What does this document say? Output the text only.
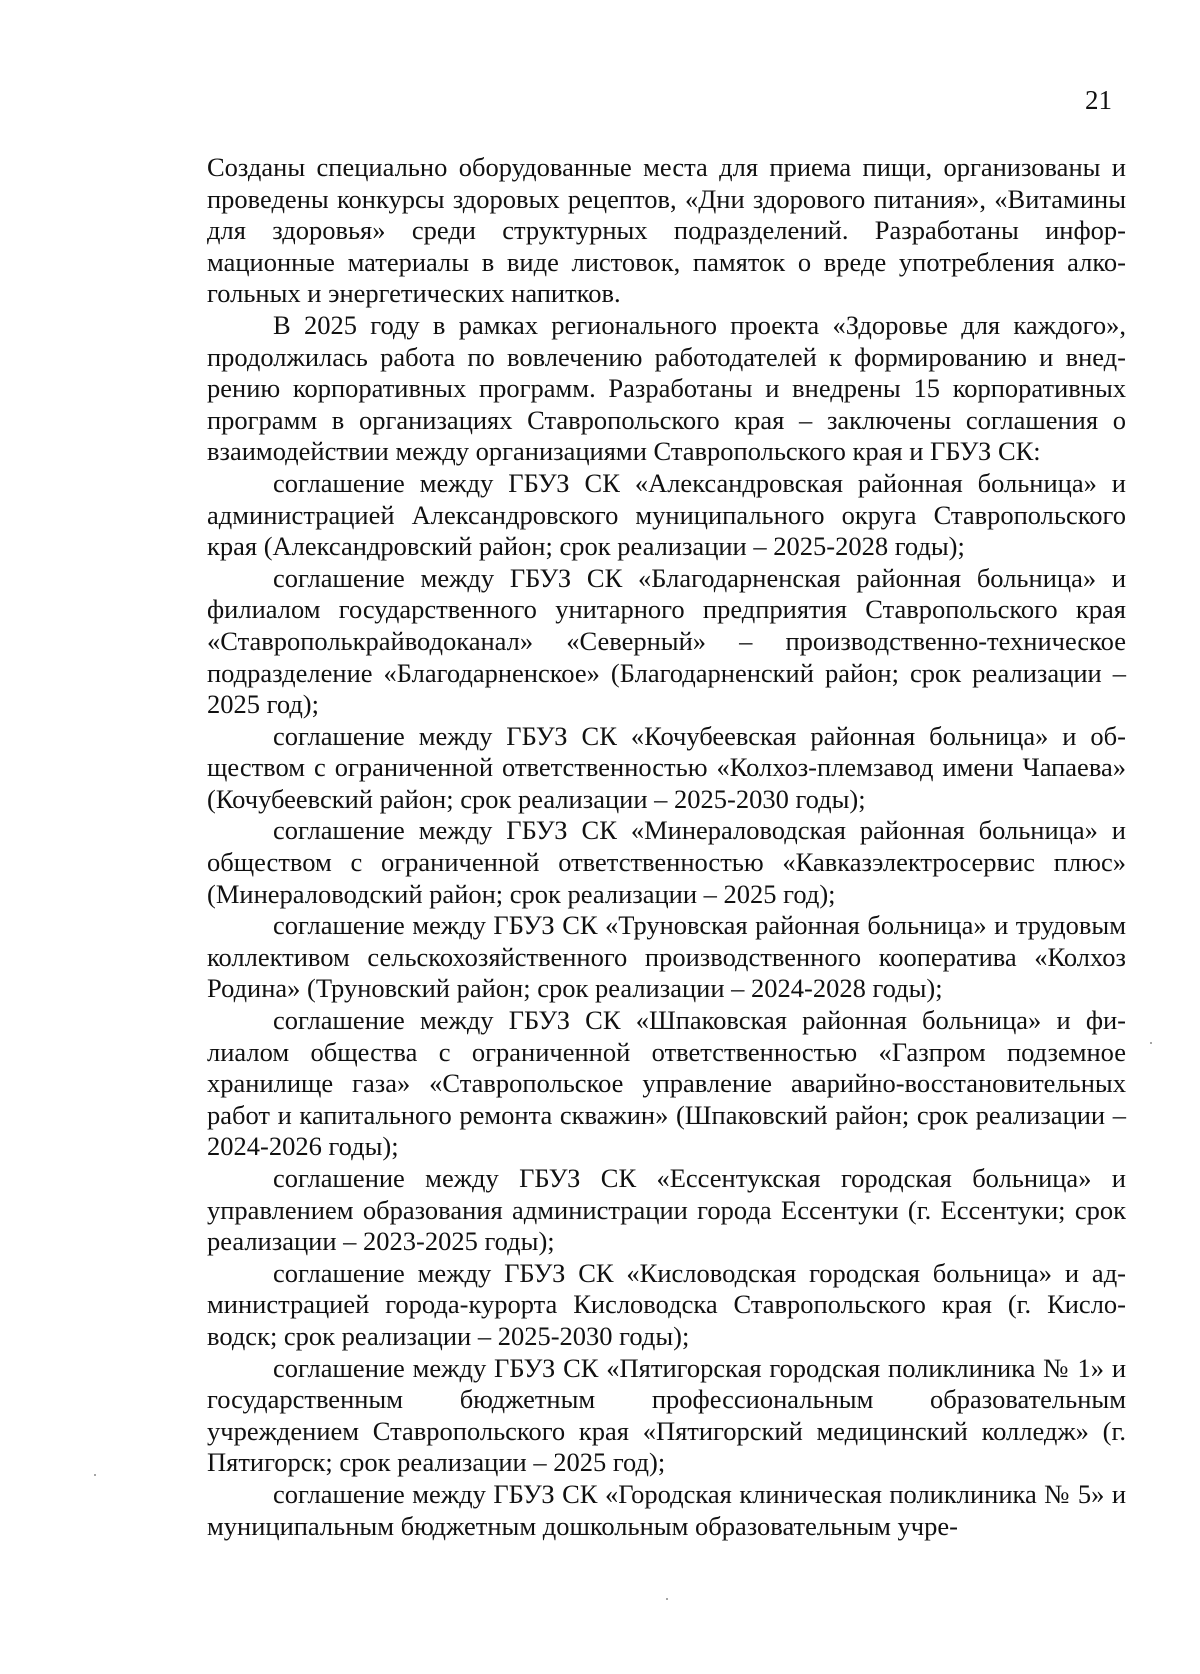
21

Созданы специально оборудованные места для приема пищи, организованы и проведены конкурсы здоровых рецептов, «Дни здорового питания», «Витамины для здоровья» среди структурных подразделений. Разработаны информационные материалы в виде листовок, памяток о вреде употребления алкогольных и энергетических напитков.

В 2025 году в рамках регионального проекта «Здоровье для каждого», продолжилась работа по вовлечению работодателей к формированию и внедрению корпоративных программ. Разработаны и внедрены 15 корпоративных программ в организациях Ставропольского края – заключены соглашения о взаимодействии между организациями Ставропольского края и ГБУЗ СК:

соглашение между ГБУЗ СК «Александровская районная больница» и администрацией Александровского муниципального округа Ставропольского края (Александровский район; срок реализации – 2025-2028 годы);

соглашение между ГБУЗ СК «Благодарненская районная больница» и филиалом государственного унитарного предприятия Ставропольского края «Ставрополькрайводоканал» «Северный» – производственно-техническое подразделение «Благодарненское» (Благодарненский район; срок реализации – 2025 год);

соглашение между ГБУЗ СК «Кочубеевская районная больница» и обществом с ограниченной ответственностью «Колхоз-племзавод имени Чапаева» (Кочубеевский район; срок реализации – 2025-2030 годы);

соглашение между ГБУЗ СК «Минераловодская районная больница» и обществом с ограниченной ответственностью «Кавказэлектросервис плюс» (Минераловодский район; срок реализации – 2025 год);

соглашение между ГБУЗ СК «Труновская районная больница» и трудовым коллективом сельскохозяйственного производственного кооператива «Колхоз Родина» (Труновский район; срок реализации – 2024-2028 годы);

соглашение между ГБУЗ СК «Шпаковская районная больница» и филиалом общества с ограниченной ответственностью «Газпром подземное хранилище газа» «Ставропольское управление аварийно-восстановительных работ и капитального ремонта скважин» (Шпаковский район; срок реализации – 2024-2026 годы);

соглашение между ГБУЗ СК «Ессентукская городская больница» и управлением образования администрации города Ессентуки (г. Ессентуки; срок реализации – 2023-2025 годы);

соглашение между ГБУЗ СК «Кисловодская городская больница» и администрацией города-курорта Кисловодска Ставропольского края (г. Кисловодск; срок реализации – 2025-2030 годы);

соглашение между ГБУЗ СК «Пятигорская городская поликлиника № 1» и государственным бюджетным профессиональным образовательным учреждением Ставропольского края «Пятигорский медицинский колледж» (г. Пятигорск; срок реализации – 2025 год);

соглашение между ГБУЗ СК «Городская клиническая поликлиника № 5» и муниципальным бюджетным дошкольным образовательным учре-
